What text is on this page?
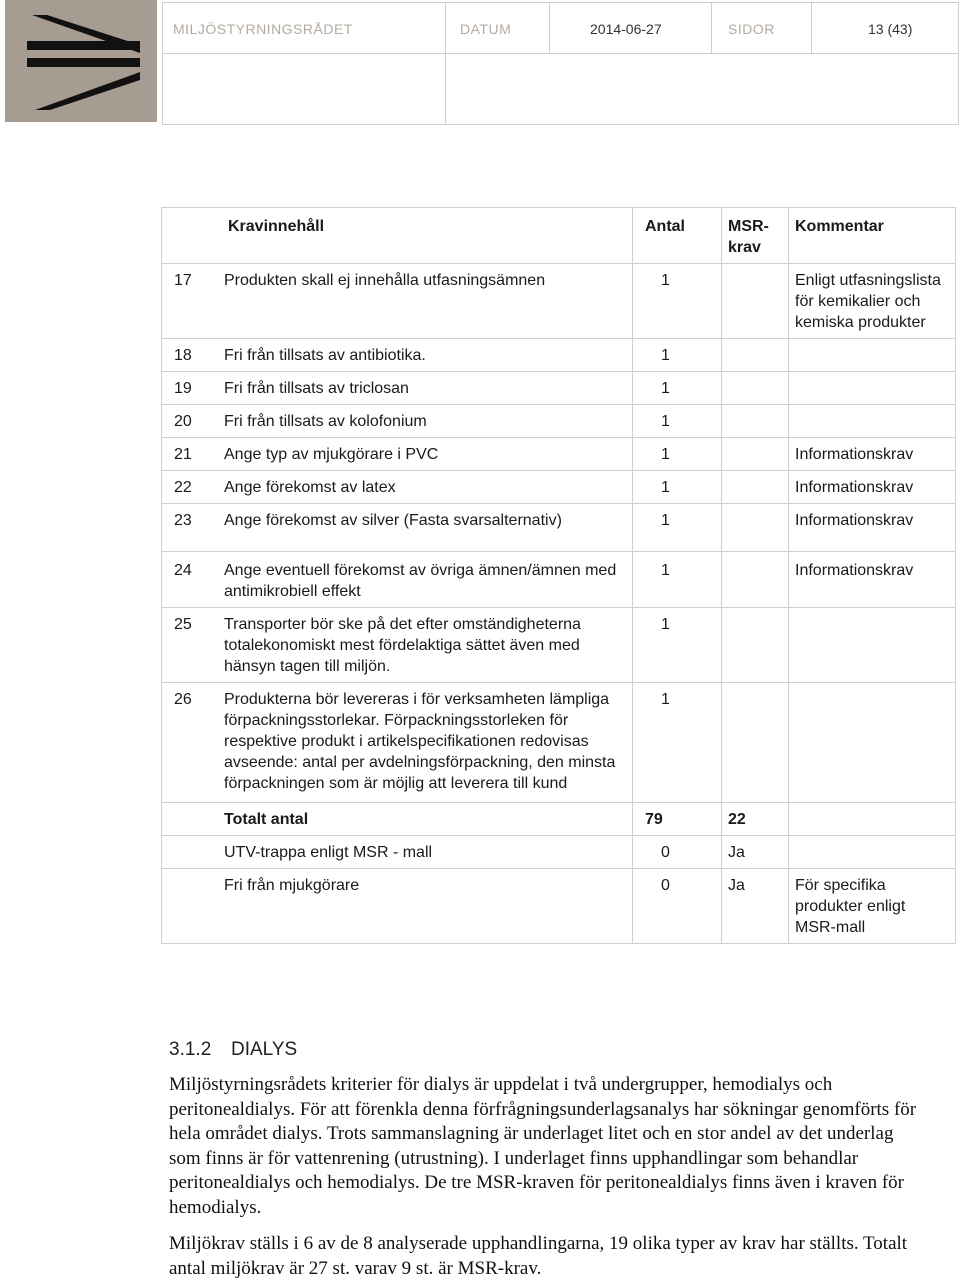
MILJÖSTYRNINGSRÅDET	DATUM	2014-06-27	SIDOR	13 (43)
	Kravinnehåll	Antal	MSR-krav	Kommentar
17	Produkten skall ej innehålla utfasningsämnen	1		Enligt utfasningslista för kemikalier och kemiska produkter
18	Fri från tillsats av antibiotika.	1		
19	Fri från tillsats av triclosan	1		
20	Fri från tillsats av kolofonium	1		
21	Ange typ av mjukgörare i PVC	1		Informationskrav
22	Ange förekomst av latex	1		Informationskrav
23	Ange förekomst av silver (Fasta svarsalternativ)	1		Informationskrav
24	Ange eventuell förekomst av övriga ämnen/ämnen med antimikrobiell effekt	1		Informationskrav
25	Transporter bör ske på det efter omständigheterna totalekonomiskt mest fördelaktiga sättet även med hänsyn tagen till miljön.	1		
26	Produkterna bör levereras i för verksamheten lämpliga förpackningsstorlekar. Förpackningsstorleken för respektive produkt i artikelspecifikationen redovisas avseende: antal per avdelningsförpackning, den minsta förpackningen som är möjlig att leverera till kund	1		
	Totalt antal	79	22	
	UTV-trappa enligt MSR - mall	0	Ja	
	Fri från mjukgörare	0	Ja	För specifika produkter enligt MSR-mall
3.1.2 DIALYS

Miljöstyrningsrådets kriterier för dialys är uppdelat i två undergrupper, hemodialys och peritonealdialys. För att förenkla denna förfrågningsunderlagsanalys har sökningar genomförts för hela området dialys. Trots sammanslagning är underlaget litet och en stor andel av det underlag som finns är för vattenrening (utrustning). I underlaget finns upphandlingar som behandlar peritonealdialys och hemodialys. De tre MSR-kraven för peritonealdialys finns även i kraven för hemodialys.

Miljökrav ställs i 6 av de 8 analyserade upphandlingarna, 19 olika typer av krav har ställts. Totalt antal miljökrav är 27 st. varav 9 st. är MSR-krav.
